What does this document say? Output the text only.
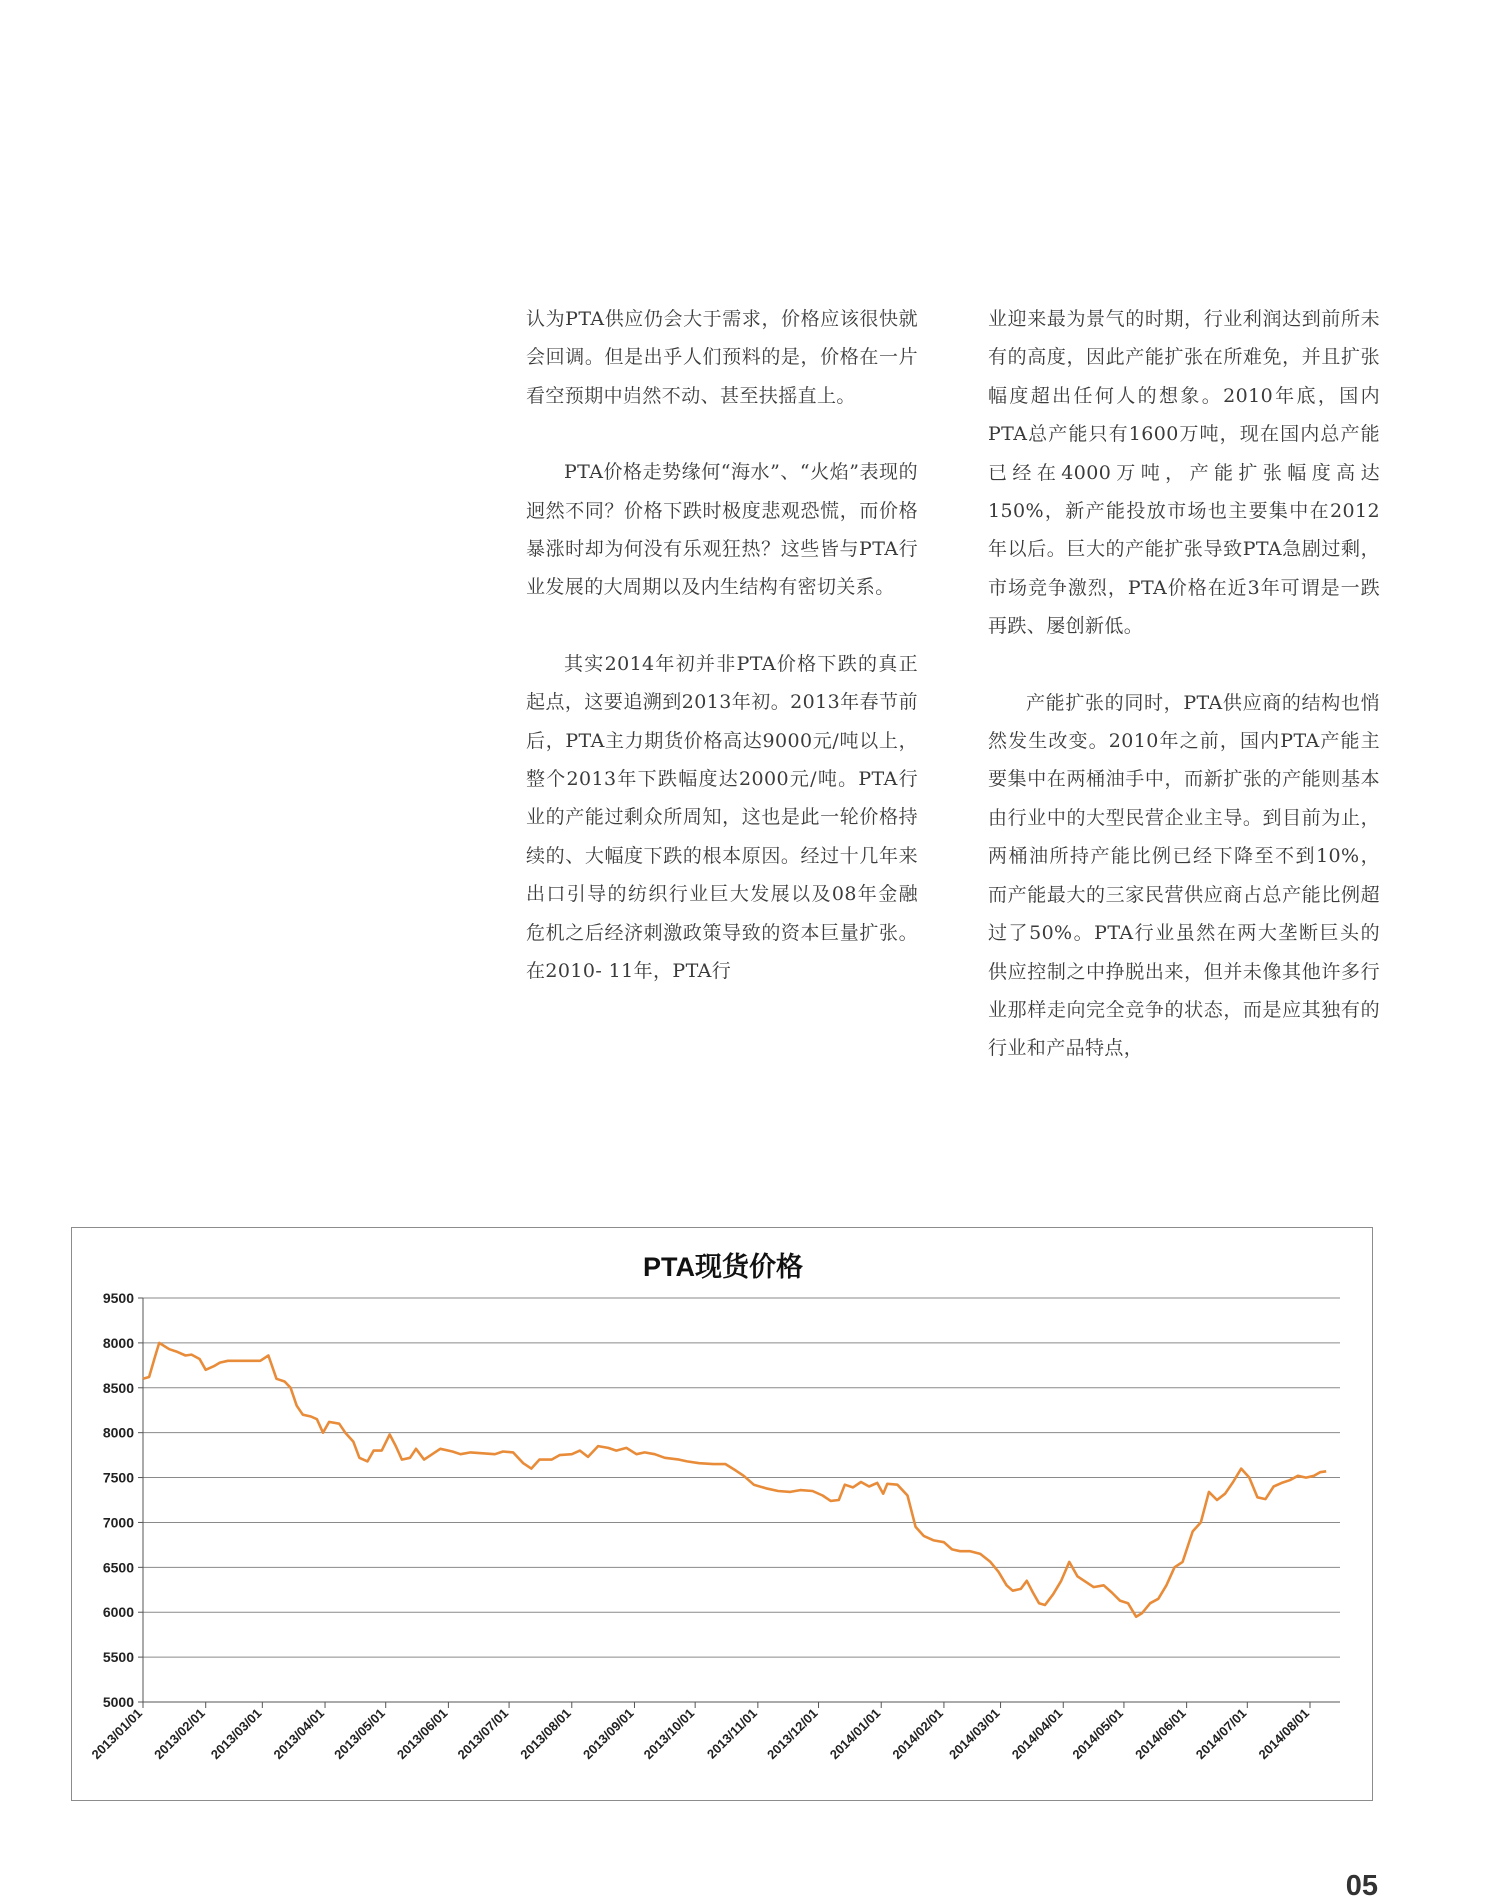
认为PTA供应仍会大于需求，价格应该很快就会回调。但是出乎人们预料的是，价格在一片看空预期中岿然不动、甚至扶摇直上。

PTA价格走势缘何“海水”、“火焰”表现的迥然不同？价格下跌时极度悲观恐慌，而价格暴涨时却为何没有乐观狂热？这些皆与PTA行业发展的大周期以及内生结构有密切关系。

其实2014年初并非PTA价格下跌的真正起点，这要追溯到2013年初。2013年春节前后，PTA主力期货价格高达9000元/吨以上，整个2013年下跌幅度达2000元/吨。PTA行业的产能过剩众所周知，这也是此一轮价格持续的、大幅度下跌的根本原因。经过十几年来出口引导的纺织行业巨大发展以及08年金融危机之后经济刺激政策导致的资本巨量扩张。在2010- 11年，PTA行

业迎来最为景气的时期，行业利润达到前所未有的高度，因此产能扩张在所难免，并且扩张幅度超出任何人的想象。2010年底，国内PTA总产能只有1600万吨，现在国内总产能已经在4000万吨，产能扩张幅度高达150%，新产能投放市场也主要集中在2012年以后。巨大的产能扩张导致PTA急剧过剩，市场竞争激烈，PTA价格在近3年可谓是一跌再跌、屡创新低。

产能扩张的同时，PTA供应商的结构也悄然发生改变。2010年之前，国内PTA产能主要集中在两桶油手中，而新扩张的产能则基本由行业中的大型民营企业主导。到目前为止，两桶油所持产能比例已经下降至不到10%，而产能最大的三家民营供应商占总产能比例超过了50%。PTA行业虽然在两大垄断巨头的供应控制之中挣脱出来，但并未像其他许多行业那样走向完全竞争的状态，而是应其独有的行业和产品特点，

PTA现货价格
5000
5500
6000
6500
7000
7500
8000
8500
8000
9500
2013/01/01 2013/02/01 2013/03/01 2013/04/01 2013/05/01 2013/06/01 2013/07/01 2013/08/01 2013/09/01 2013/10/01 2013/11/01 2013/12/01 2014/01/01 2014/02/01 2014/03/01 2014/04/01 2014/05/01 2014/06/01 2014/07/01 2014/08/01
05
